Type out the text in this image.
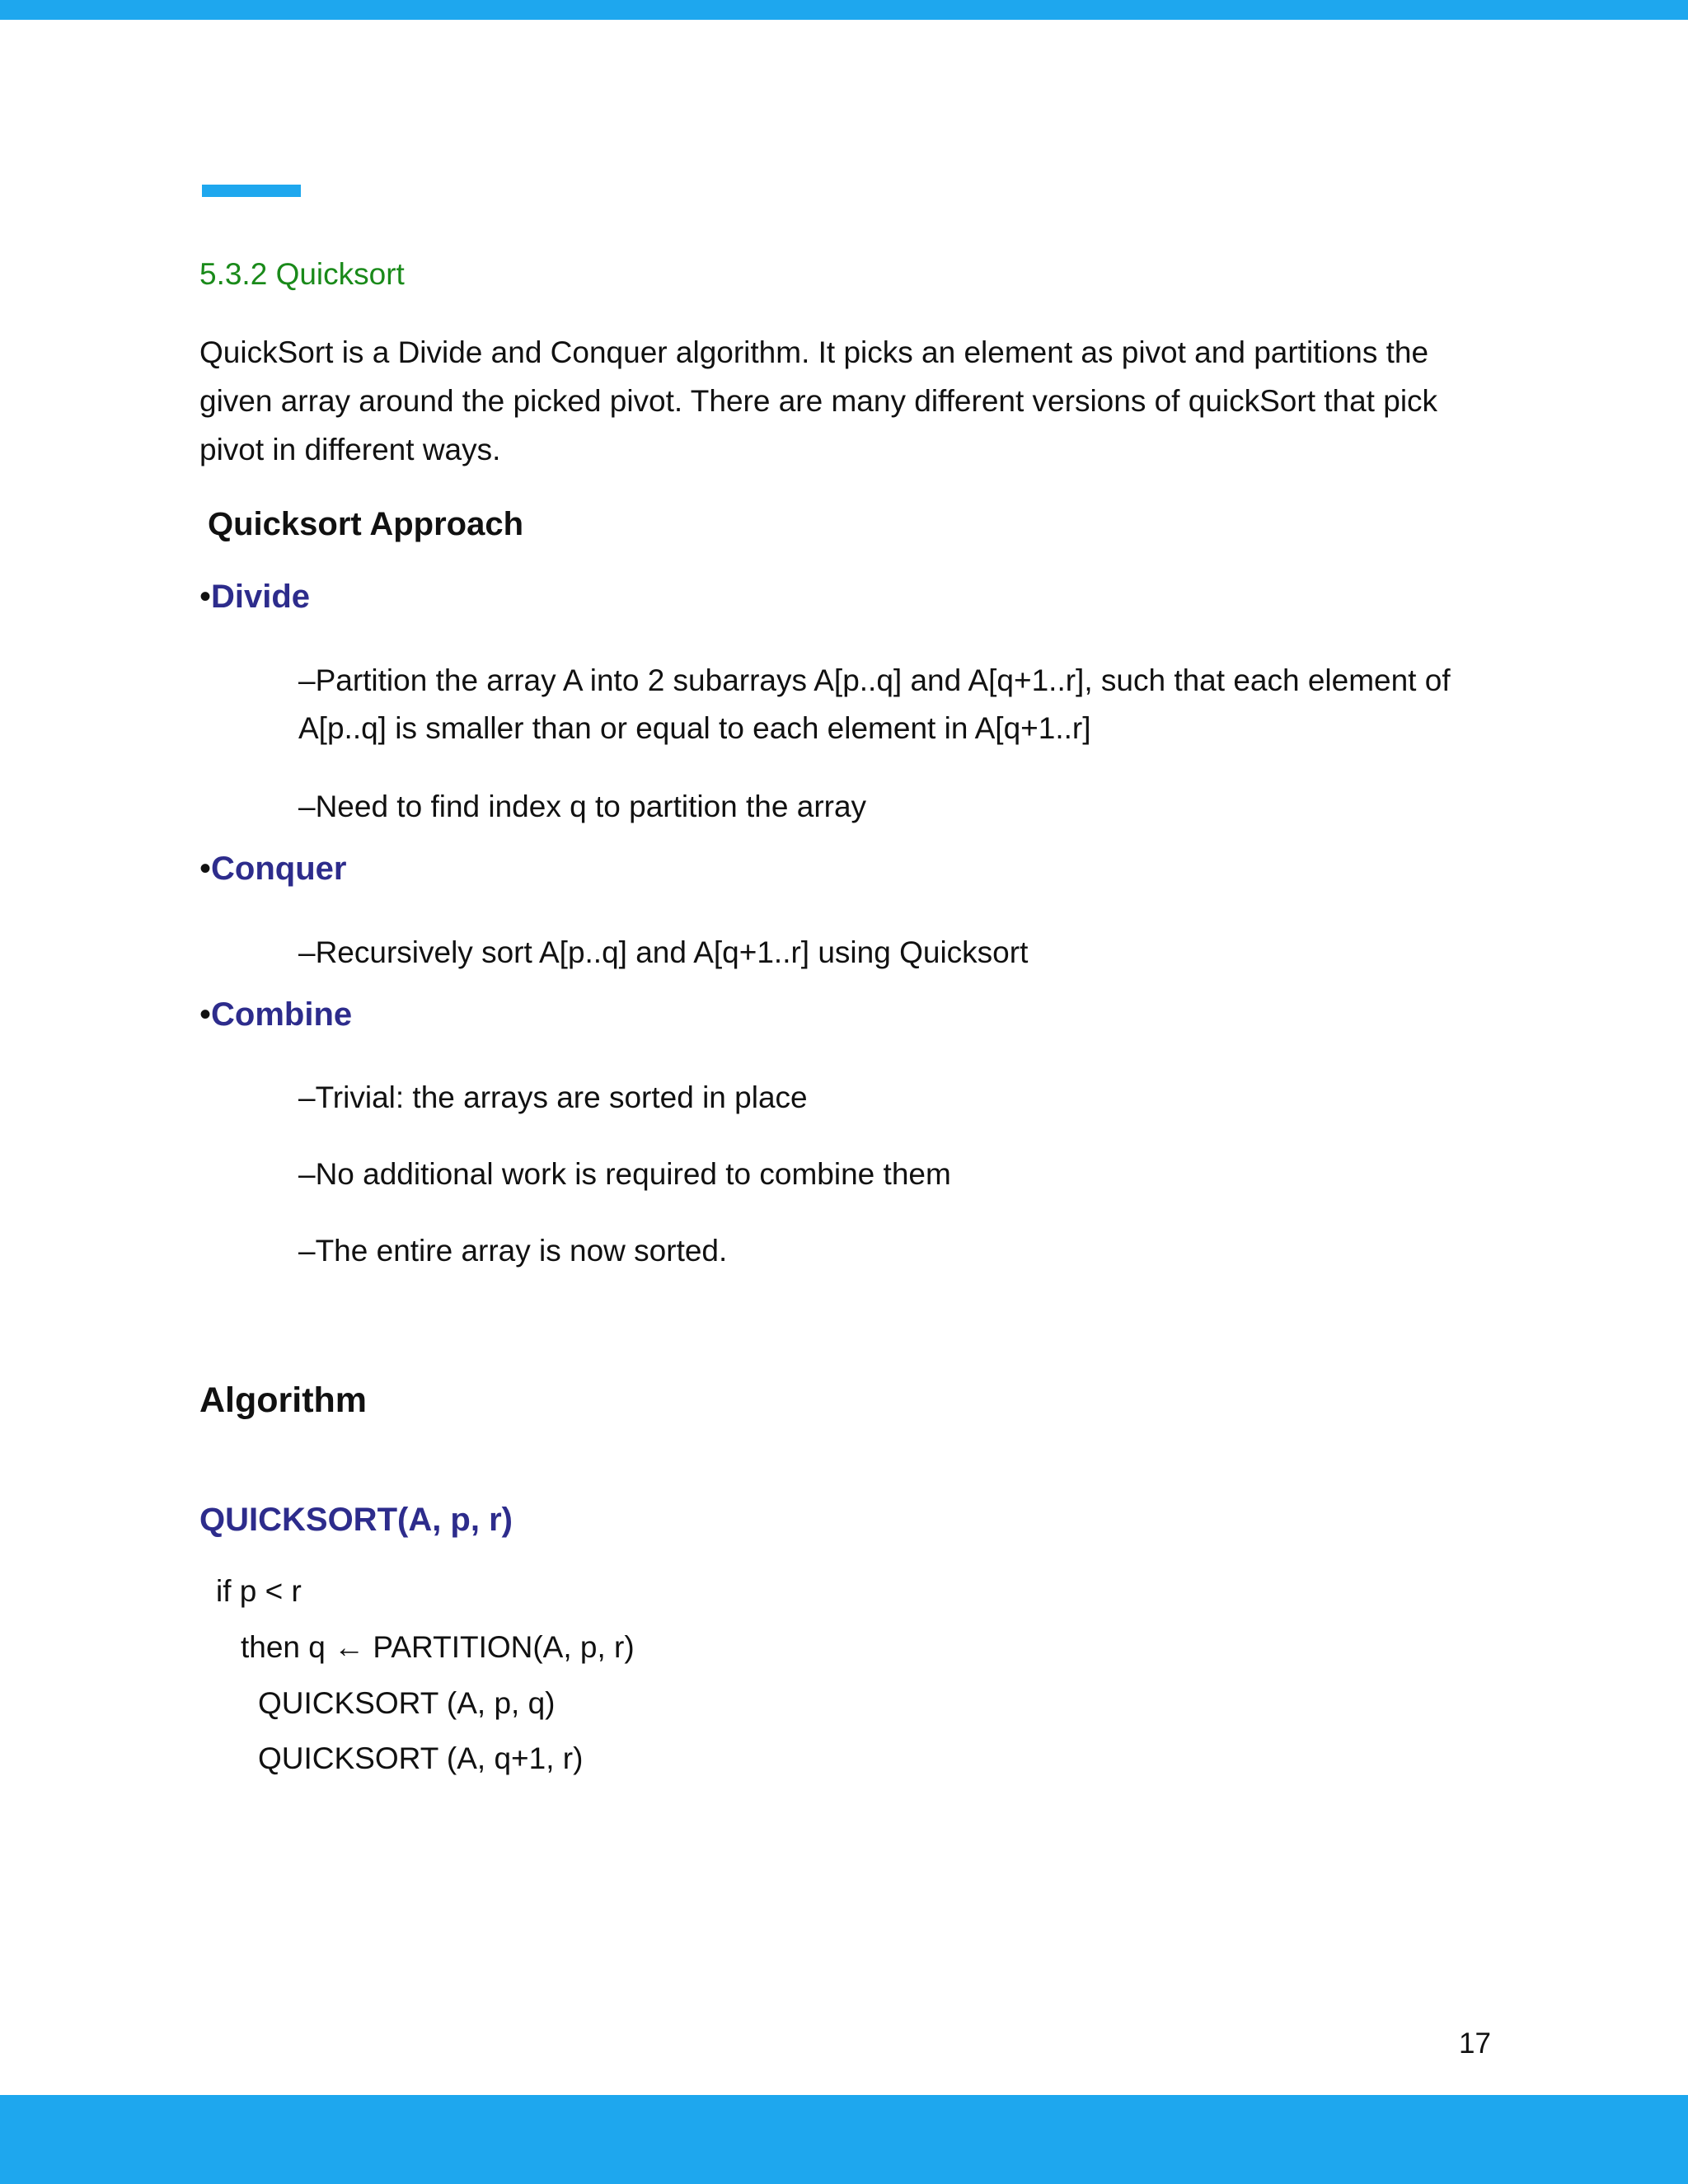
5.3.2 Quicksort
QuickSort is a Divide and Conquer algorithm. It picks an element as pivot and partitions the given array around the picked pivot. There are many different versions of quickSort that pick pivot in different ways.
Quicksort Approach
•Divide
–Partition the array A into 2 subarrays A[p..q] and A[q+1..r], such that each element of A[p..q] is smaller than or equal to each element in A[q+1..r]
–Need to find index q to partition the array
•Conquer
–Recursively sort A[p..q] and A[q+1..r] using Quicksort
•Combine
–Trivial: the arrays are sorted in place
–No additional work is required to combine them
–The entire array is now sorted.
Algorithm
QUICKSORT(A, p, r)
if p < r
then q ← PARTITION(A, p, r)
QUICKSORT (A, p, q)
QUICKSORT (A, q+1, r)
17
